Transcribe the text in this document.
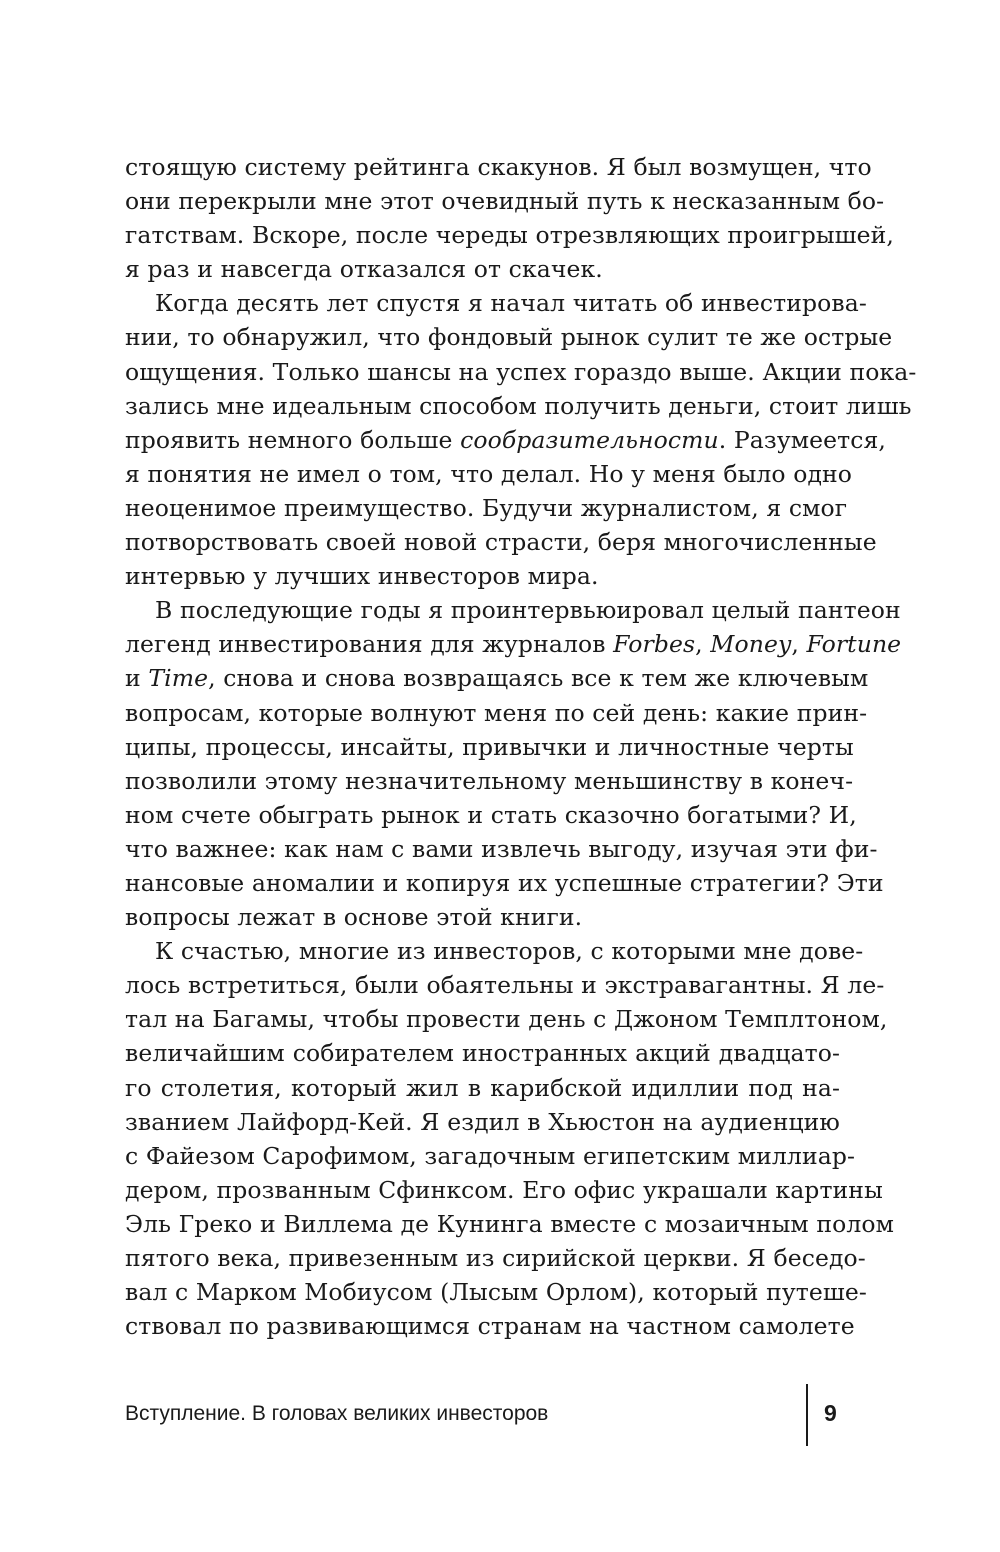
стоящую систему рейтинга скакунов. Я был возмущен, что
они перекрыли мне этот очевидный путь к несказанным бо-
гатствам. Вскоре, после череды отрезвляющих проигрышей,
я раз и навсегда отказался от скачек.
Когда десять лет спустя я начал читать об инвестирова-
нии, то обнаружил, что фондовый рынок сулит те же острые
ощущения. Только шансы на успех гораздо выше. Акции пока-
зались мне идеальным способом получить деньги, стоит лишь
проявить немного больше сообразительности. Разумеется,
я понятия не имел о том, что делал. Но у меня было одно
неоценимое преимущество. Будучи журналистом, я смог
потворствовать своей новой страсти, беря многочисленные
интервью у лучших инвесторов мира.
В последующие годы я проинтервьюировал целый пантеон
легенд инвестирования для журналов Forbes, Money, Fortune
и Time, снова и снова возвращаясь все к тем же ключевым
вопросам, которые волнуют меня по сей день: какие прин-
ципы, процессы, инсайты, привычки и личностные черты
позволили этому незначительному меньшинству в конеч-
ном счете обыграть рынок и стать сказочно богатыми? И,
что важнее: как нам с вами извлечь выгоду, изучая эти фи-
нансовые аномалии и копируя их успешные стратегии? Эти
вопросы лежат в основе этой книги.
К счастью, многие из инвесторов, с которыми мне дове-
лось встретиться, были обаятельны и экстравагантны. Я ле-
тал на Багамы, чтобы провести день с Джоном Темплтоном,
величайшим собирателем иностранных акций двадцато-
го столетия, который жил в карибской идиллии под на-
званием Лайфорд-Кей. Я ездил в Хьюстон на аудиенцию
с Файезом Сарофимом, загадочным египетским миллиар-
дером, прозванным Сфинксом. Его офис украшали картины
Эль Греко и Виллема де Кунинга вместе с мозаичным полом
пятого века, привезенным из сирийской церкви. Я беседо-
вал с Марком Мобиусом (Лысым Орлом), который путеше-
ствовал по развивающимся странам на частном самолете
Вступление. В головах великих инвесторов	9
